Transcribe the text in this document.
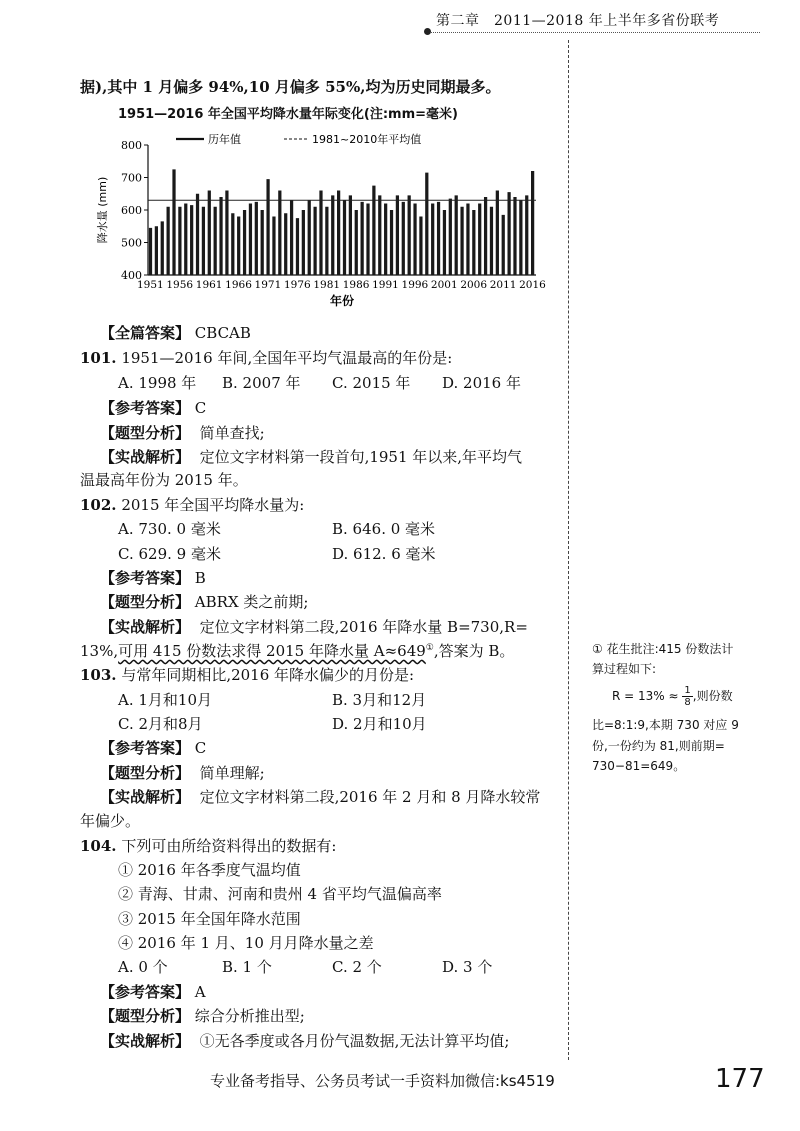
第二章　2011—2018 年上半年多省份联考
据),其中 1 月偏多 94%,10 月偏多 55%,均为历史同期最多。
1951—2016 年全国平均降水量年际变化(注:mm=毫米)
400
500
600
700
800
1951 1956 1961 1966 1971 1976 1981 1986 1991 1996 2001 2006 2011 2016
降水量 (mm)
年份
历年值	1981~2010年平均值
【全篇答案】 CBCAB
101. 1951—2016 年间,全国年平均气温最高的年份是:
A. 1998 年 B. 2007 年 C. 2015 年 D. 2016 年
【参考答案】 C
【题型分析】 简单查找;
【实战解析】 定位文字材料第一段首句,1951 年以来,年平均气
温最高年份为 2015 年。
102. 2015 年全国平均降水量为:
A. 730. 0 毫米	B. 646. 0 毫米
C. 629. 9 毫米	D. 612. 6 毫米
【参考答案】 B
【题型分析】 ABRX 类之前期;
【实战解析】 定位文字材料第二段,2016 年降水量 B=730,R=
13%,可用 415 份数法求得 2015 年降水量 A≈649①,答案为 B。
103. 与常年同期相比,2016 年降水偏少的月份是:
A. 1月和10月	B. 3月和12月
C. 2月和8月	D. 2月和10月
【参考答案】 C
【题型分析】 简单理解;
【实战解析】 定位文字材料第二段,2016 年 2 月和 8 月降水较常
年偏少。
104. 下列可由所给资料得出的数据有:
① 2016 年各季度气温均值
② 青海、甘肃、河南和贵州 4 省平均气温偏高率
③ 2015 年全国年降水范围
④ 2016 年 1 月、10 月月降水量之差
A. 0 个	B. 1 个	C. 2 个	D. 3 个
【参考答案】 A
【题型分析】 综合分析推出型;
【实战解析】 ①无各季度或各月份气温数据,无法计算平均值;
① 花生批注:415 份数法计
算过程如下:
$R = 13\% \approx \frac{1}{8}$ ,则份数
比=8:1:9,本期 730 对应 9
份,一份约为 81,则前期=
730−81=649。
专业备考指导、公务员考试一手资料加微信:ks4519	177
